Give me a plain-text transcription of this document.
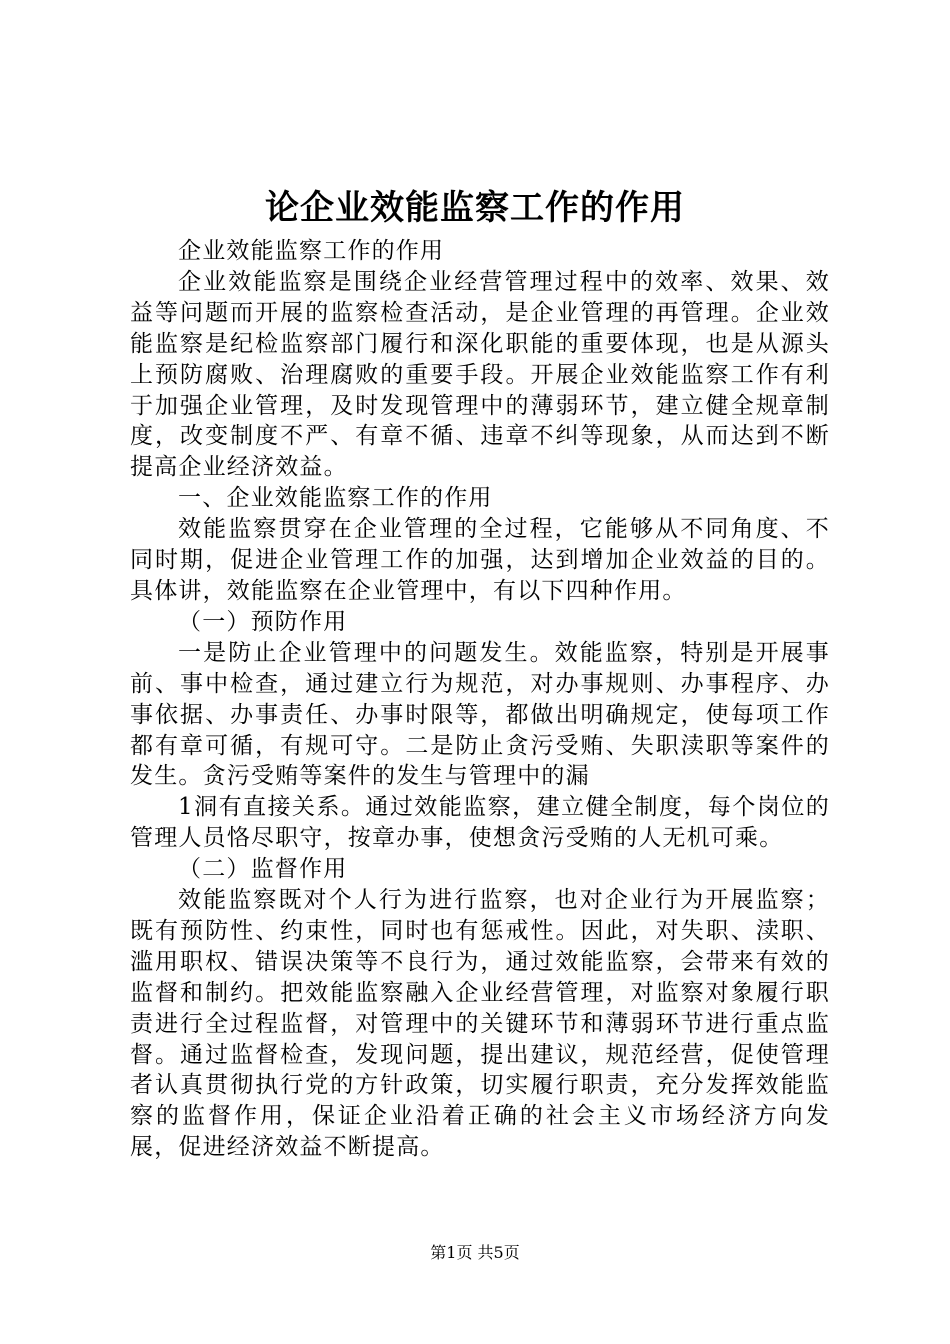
论企业效能监察工作的作用

企业效能监察工作的作用

企业效能监察是围绕企业经营管理过程中的效率、效果、效益等问题而开展的监察检查活动，是企业管理的再管理。企业效能监察是纪检监察部门履行和深化职能的重要体现，也是从源头上预防腐败、治理腐败的重要手段。开展企业效能监察工作有利于加强企业管理，及时发现管理中的薄弱环节，建立健全规章制度，改变制度不严、有章不循、违章不纠等现象，从而达到不断提高企业经济效益。

一、企业效能监察工作的作用

效能监察贯穿在企业管理的全过程，它能够从不同角度、不同时期，促进企业管理工作的加强，达到增加企业效益的目的。具体讲，效能监察在企业管理中，有以下四种作用。

（一）预防作用

一是防止企业管理中的问题发生。效能监察，特别是开展事前、事中检查，通过建立行为规范，对办事规则、办事程序、办事依据、办事责任、办事时限等，都做出明确规定，使每项工作都有章可循，有规可守。二是防止贪污受贿、失职渎职等案件的发生。贪污受贿等案件的发生与管理中的漏

1洞有直接关系。通过效能监察，建立健全制度，每个岗位的管理人员恪尽职守，按章办事，使想贪污受贿的人无机可乘。

（二）监督作用

效能监察既对个人行为进行监察，也对企业行为开展监察；既有预防性、约束性，同时也有惩戒性。因此，对失职、渎职、滥用职权、错误决策等不良行为，通过效能监察，会带来有效的监督和制约。把效能监察融入企业经营管理，对监察对象履行职责进行全过程监督，对管理中的关键环节和薄弱环节进行重点监督。通过监督检查，发现问题，提出建议，规范经营，促使管理者认真贯彻执行党的方针政策，切实履行职责，充分发挥效能监察的监督作用，保证企业沿着正确的社会主义市场经济方向发展，促进经济效益不断提高。

第1页 共5页
